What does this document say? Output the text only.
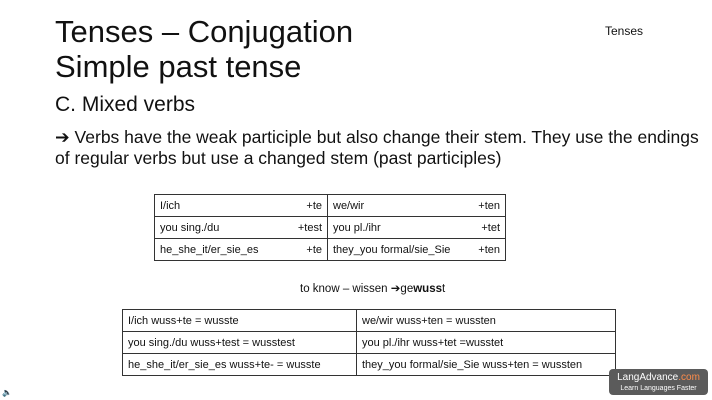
Tenses – Conjugation
Simple past tense
Tenses
C. Mixed verbs
➔ Verbs have the weak participle but also change their stem. They use the endings of regular verbs but use a changed stem (past participles)
I/ich +te	we/wir +ten

you sing./du +test	you pl./ihr +tet

he_she_it/er_sie_es +te	they_you formal/sie_Sie +ten
to know – wissen ➔gewusst
I/ich wuss+te = wusste	we/wir wuss+ten = wussten
you sing./du wuss+test = wusstest	you pl./ihr wuss+tet =wusstet
he_she_it/er_sie_es wuss+te- = wusste	they_you formal/sie_Sie wuss+ten = wussten
LangAdvance.com
Learn Languages Faster
🔈
